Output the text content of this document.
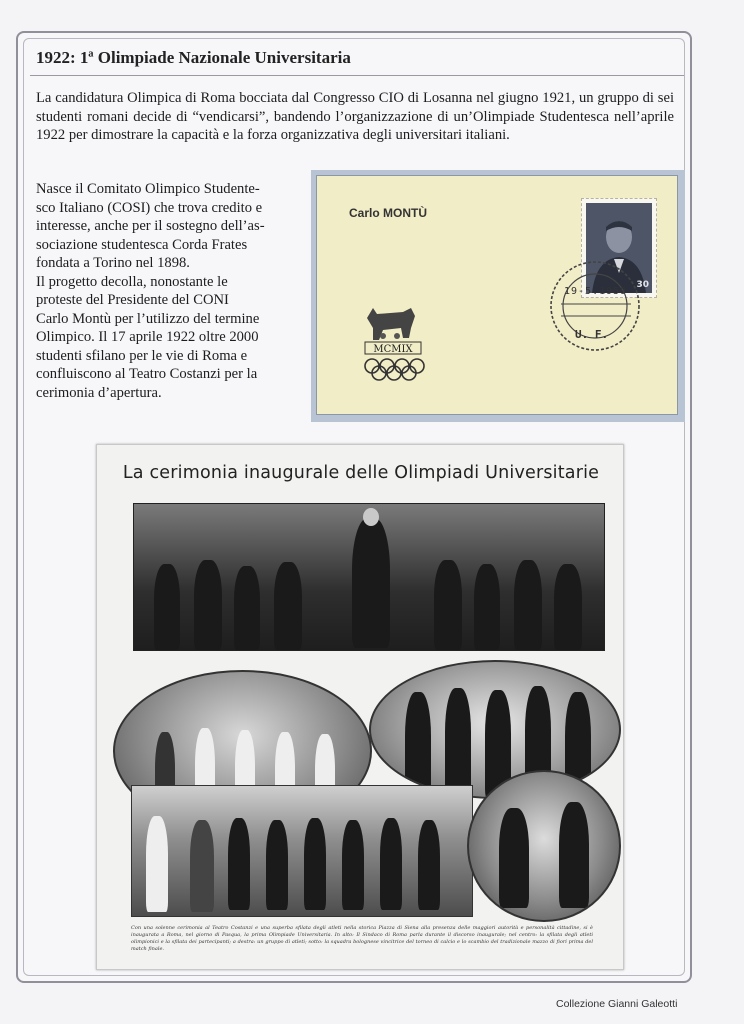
1922: 1ª Olimpiade Nazionale Universitaria

La candidatura Olimpica di Roma bocciata dal Congresso CIO di Losanna nel giugno 1921, un gruppo di sei studenti romani decide di “vendicarsi”, bandendo l’organizzazione di un’Olimpiade Studentesca nell’aprile 1922 per dimostrare la capacità e la forza organizzativa degli universitari italiani.

Nasce il Comitato Olimpico Studente-
sco Italiano (COSI) che trova credito e
interesse, anche per il sostegno dell’as-
sociazione studentesca Corda Frates
fondata a Torino nel 1898.
Il progetto decolla, nonostante le
proteste del Presidente del CONI
Carlo Montù per l’utilizzo del termine
Olimpico. Il 17 aprile 1922 oltre 2000
studenti sfilano per le vie di Roma e
confluiscono al Teatro Costanzi per la
cerimonia d’apertura.

Carlo MONTÙ
MCMIX
30
19-5.1959
U. F.
La cerimonia inaugurale delle Olimpiadi Universitarie
Con una solenne cerimonia al Teatro Costanzi e una superba sfilata degli atleti nella storica Piazza di Siena alla presenza delle maggiori autorità e personalità cittadine, si è inaugurata a Roma, nel giorno di Pasqua, la prima Olimpiade Universitaria. In alto: Il Sindaco di Roma parla durante il discorso inaugurale; nel centro: la sfilata degli atleti olimpionici e la sfilata dei partecipanti; a destra: un gruppo di atleti; sotto: la squadra bolognese vincitrice del torneo di calcio e lo scambio del tradizionale mazzo di fiori prima del match finale.
Collezione Gianni Galeotti
